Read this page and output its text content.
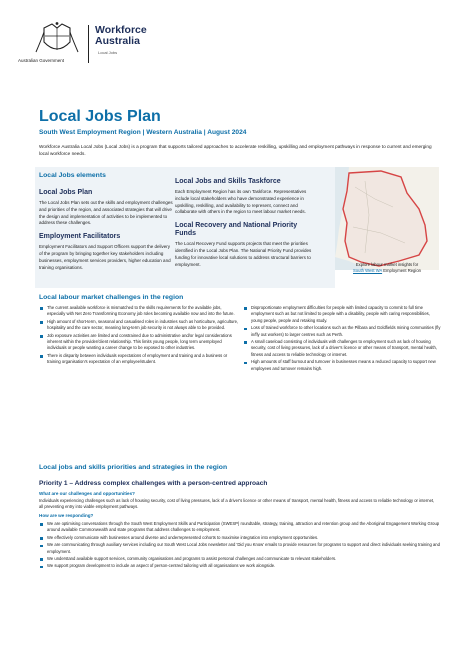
Australian Government
Workforce
Australia
Local Jobs
Local Jobs Plan
South West Employment Region | Western Australia | August 2024
Workforce Australia Local Jobs (Local Jobs) is a program that supports tailored approaches to accelerate reskilling, upskilling and employment pathways in response to current and emerging local workforce needs.
Local Jobs elements
Local Jobs Plan

The Local Jobs Plan sets out the skills and employment challenges and priorities of the region, and associated strategies that will drive the design and implementation of activities to be implemented to address these challenges.

Employment Facilitators

Employment Facilitators and Support Officers support the delivery of the program by bringing together key stakeholders including businesses, employment services providers, higher education and training organisations.

Local Jobs and Skills Taskforce

Each Employment Region has its own Taskforce. Representatives include local stakeholders who have demonstrated experience in upskilling, reskilling, and availability to represent, connect and collaborate with others in the region to meet labour market needs.

Local Recovery and National Priority Funds

The Local Recovery Fund supports projects that meet the priorities identified in the Local Jobs Plan. The National Priority Fund provides funding for innovative local solutions to address structural barriers to employment.	Explore labour market insights for
South West WA Employment Region
Local labour market challenges in the region
The current available workforce is mismatched to the skills requirements for the available jobs, especially with Net Zero Transforming Economy job roles becoming available now and into the future.
High amount of short-term, seasonal and casualised roles in industries such as horticulture, agriculture, hospitality and the care sector, meaning long-term job security is not always able to be provided.
Job exposure activities are limited and constrained due to administrative and/or legal considerations inherent within the provider/client relationship. This limits young people, long term unemployed individuals or people wanting a career change to be exposed to other industries.
There is disparity between individuals expectations of employment and training and a business or training organisation's expectation of an employee/student.
Disproportionate employment difficulties for people with limited capacity to commit to full time employment such as but not limited to people with a disability, people with caring responsibilities, young people, people and retaking study.
Loss of trained workforce to other locations such as the Pilbara and Goldfields mining communities (fly in/fly out workers) to larger centres such as Perth.
A small caseload consisting of individuals with challenges to employment such as lack of housing security, cost of living pressures, lack of a driver's licence or other means of transport, mental health, fitness and access to reliable technology or internet.
High amounts of staff burnout and turnover in businesses means a reduced capacity to support new employees and turnover remains high.
Local jobs and skills priorities and strategies in the region
Priority 1 – Address complex challenges with a person-centred approach
What are our challenges and opportunities?
Individuals experiencing challenges such as lack of housing security, cost of living pressures, lack of a driver's licence or other means of transport, mental health, fitness and access to reliable technology or internet, all preventing entry into viable employment pathways.
How are we responding?
We are optimising conversations through the South West Employment Skills and Participation (SWESP) roundtable, strategy, training, attraction and retention group and the Aboriginal Engagement Working Group around available Commonwealth and state programs that address challenges to employment.
We effectively communicate with businesses around diverse and underrepresented cohorts to maximise integration into employment opportunities.
We are communicating through auxiliary services including our South West Local Jobs newsletter and 'Did you Know' emails to provide resources for programs to support and direct individuals seeking training and employment.
We understand available support services, community organisations and programs to assist personal challenges and communicate to relevant stakeholders.
We support program development to include an aspect of person-centred tailoring with all organisations we work alongside.
